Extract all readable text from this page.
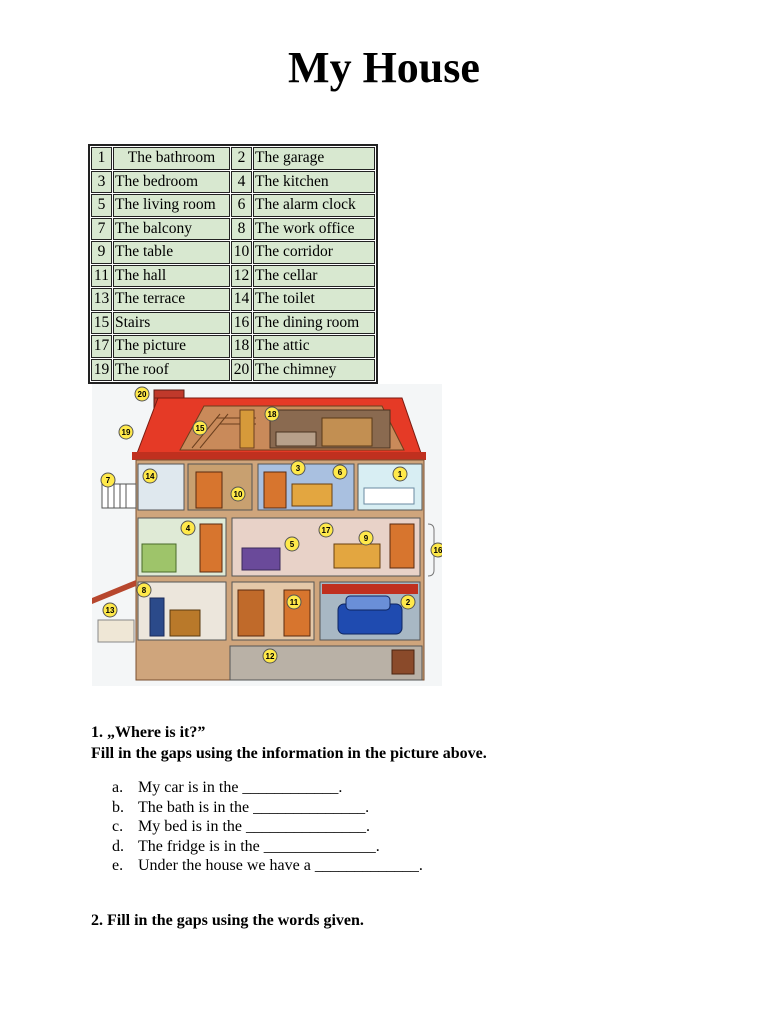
My House
1	The bathroom	2	The garage
3	The bedroom	4	The kitchen
5	The living room	6	The alarm clock
7	The balcony	8	The work office
9	The table	10	The corridor
11	The hall	12	The cellar
13	The terrace	14	The toilet
15	Stairs	16	The dining room
17	The picture	18	The attic
19	The roof	20	The chimney
20
18
19	15
14
3	6	1
7
10
4	17
5
9
16
8
11	2
13
12
1. „Where is it?”
Fill in the gaps using the information in the picture above.
a. My car is in the ____________.
b. The bath is in the ______________.
c. My bed is in the _______________.
d. The fridge is in the ______________.
e. Under the house we have a _____________.
2. Fill in the gaps using the words given.
